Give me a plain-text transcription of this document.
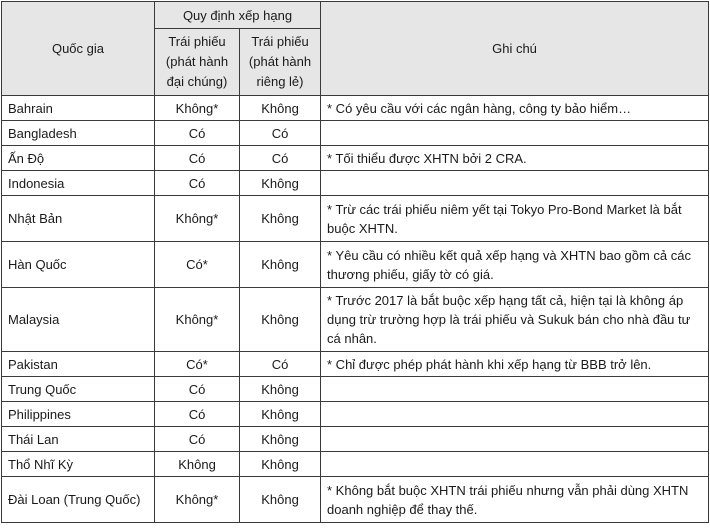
Quốc gia	Quy định xếp hạng		Ghi chú

	Trái phiếu (phát hành đại chúng)	Trái phiếu (phát hành riêng lẻ)	

Bahrain	Không*	Không	* Có yêu cầu với các ngân hàng, công ty bảo hiểm…
Bangladesh	Có	Có	
Ấn Độ	Có	Có	* Tối thiểu được XHTN bởi 2 CRA.
Indonesia	Có	Không	
Nhật Bản	Không*	Không	* Trừ các trái phiếu niêm yết tại Tokyo Pro-Bond Market là bắt buộc XHTN.
Hàn Quốc	Có*	Không	* Yêu cầu có nhiều kết quả xếp hạng và XHTN bao gồm cả các thương phiếu, giấy tờ có giá.
Malaysia	Không*	Không	* Trước 2017 là bắt buộc xếp hạng tất cả, hiện tại là không áp dụng trừ trường hợp là trái phiếu và Sukuk bán cho nhà đầu tư cá nhân.
Pakistan	Có*	Có	* Chỉ được phép phát hành khi xếp hạng từ BBB trở lên.
Trung Quốc	Có	Không	
Philippines	Có	Không	
Thái Lan	Có	Không	
Thổ Nhĩ Kỳ	Không	Không	
Đài Loan (Trung Quốc)	Không*	Không	* Không bắt buộc XHTN trái phiếu nhưng vẫn phải dùng XHTN doanh nghiệp để thay thế.
